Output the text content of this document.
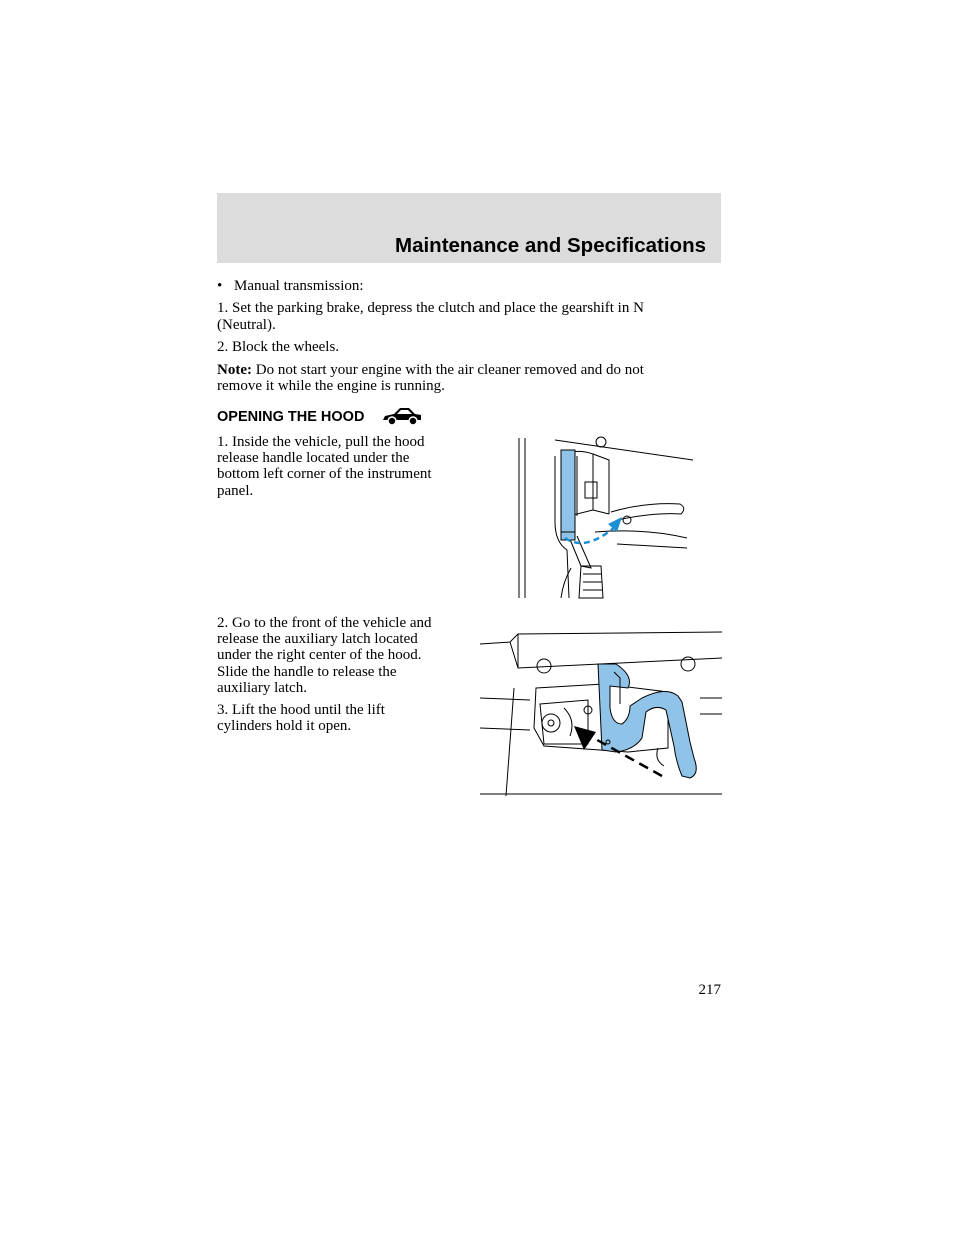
Maintenance and Specifications

• Manual transmission:

1. Set the parking brake, depress the clutch and place the gearshift in N

(Neutral).

2. Block the wheels.

Note: Do not start your engine with the air cleaner removed and do not

remove it while the engine is running.

OPENING THE HOOD

1. Inside the vehicle, pull the hood

release handle located under the

bottom left corner of the instrument

panel.

2. Go to the front of the vehicle and

release the auxiliary latch located

under the right center of the hood.

Slide the handle to release the

auxiliary latch.

3. Lift the hood until the lift

cylinders hold it open.

217
